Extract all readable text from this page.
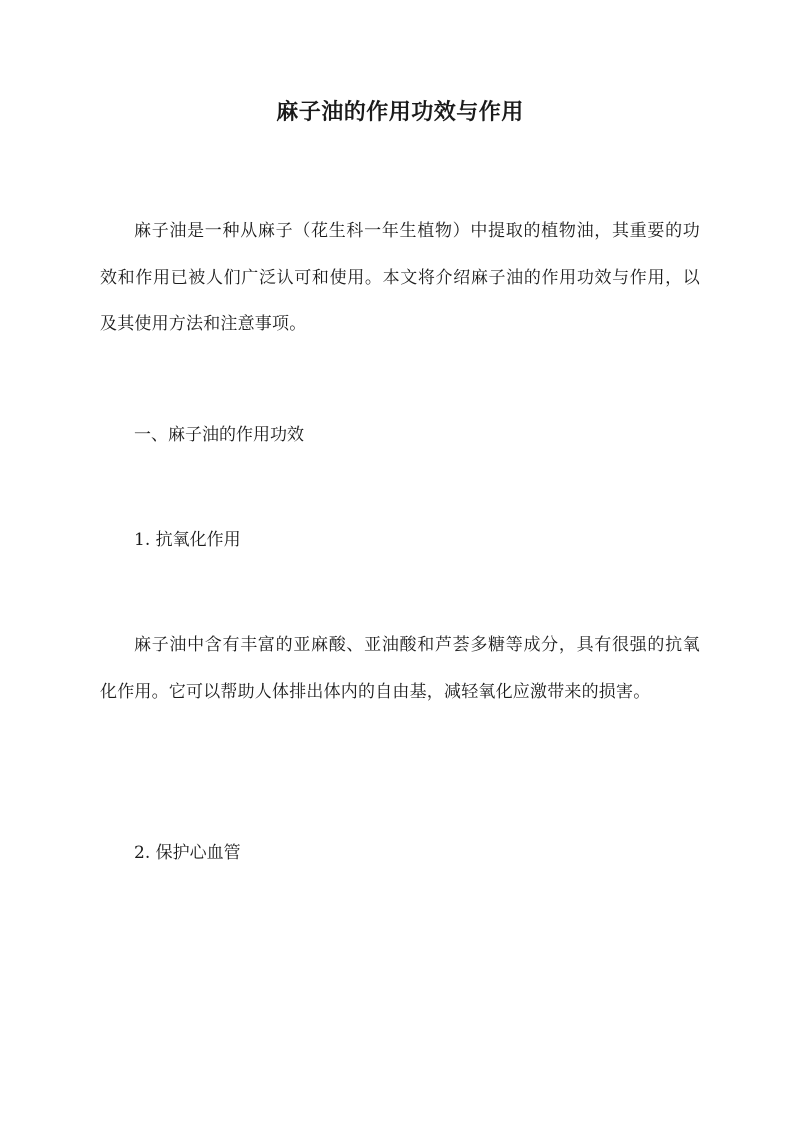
麻子油的作用功效与作用

麻子油是一种从麻子（花生科一年生植物）中提取的植物油，其重要的功效和作用已被人们广泛认可和使用。本文将介绍麻子油的作用功效与作用，以及其使用方法和注意事项。

一、麻子油的作用功效

1. 抗氧化作用

麻子油中含有丰富的亚麻酸、亚油酸和芦荟多糖等成分，具有很强的抗氧化作用。它可以帮助人体排出体内的自由基，减轻氧化应激带来的损害。

2. 保护心血管
